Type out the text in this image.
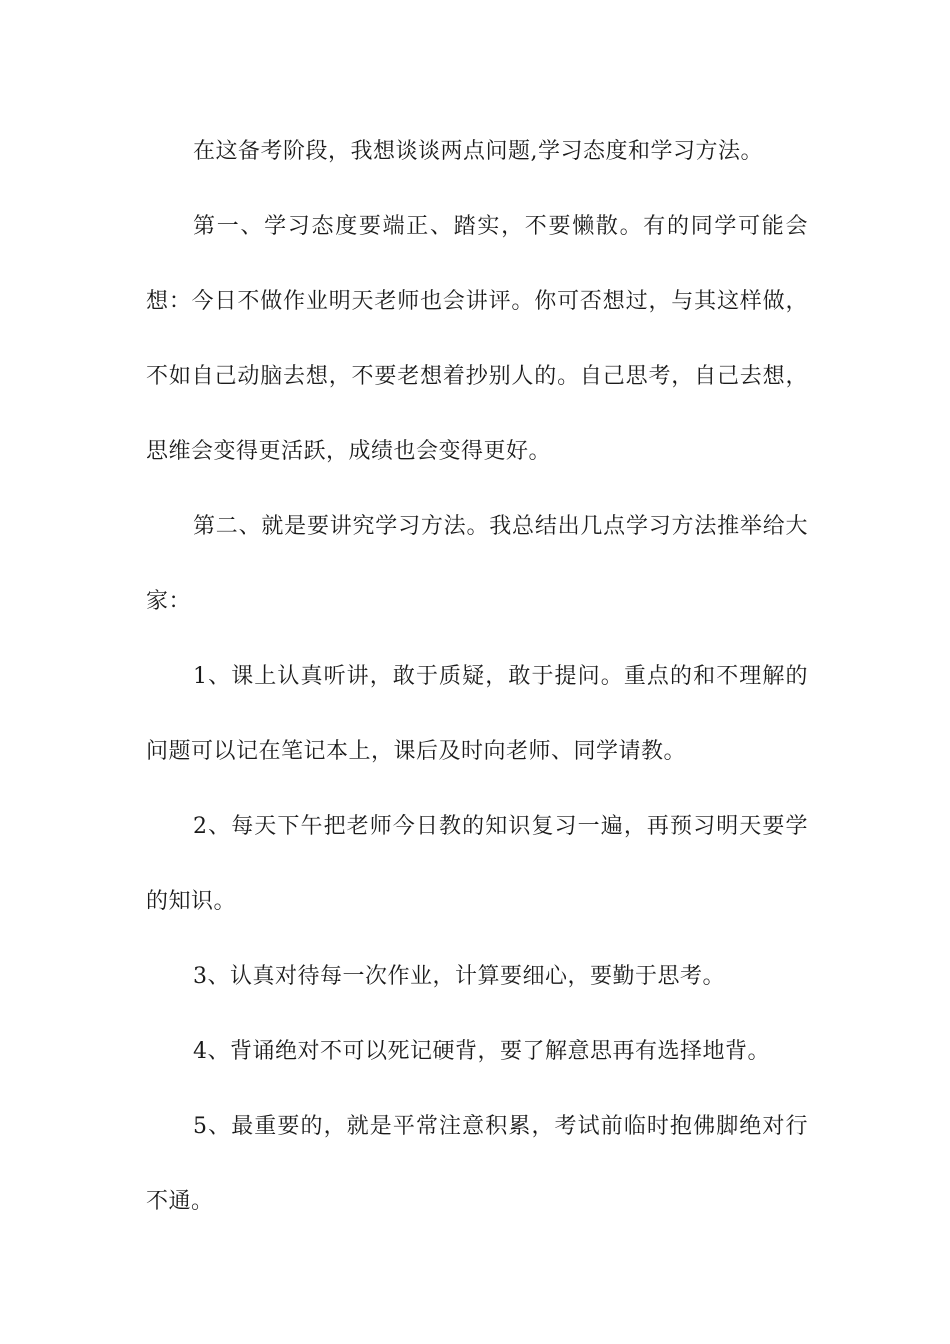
在这备考阶段，我想谈谈两点问题,学习态度和学习方法。

第一、学习态度要端正、踏实，不要懒散。有的同学可能会想：今日不做作业明天老师也会讲评。你可否想过，与其这样做，不如自己动脑去想，不要老想着抄别人的。自己思考，自己去想，思维会变得更活跃，成绩也会变得更好。

第二、就是要讲究学习方法。我总结出几点学习方法推举给大家：

1、课上认真听讲，敢于质疑，敢于提问。重点的和不理解的问题可以记在笔记本上，课后及时向老师、同学请教。

2、每天下午把老师今日教的知识复习一遍，再预习明天要学的知识。

3、认真对待每一次作业，计算要细心，要勤于思考。

4、背诵绝对不可以死记硬背，要了解意思再有选择地背。

5、最重要的，就是平常注意积累，考试前临时抱佛脚绝对行不通。
